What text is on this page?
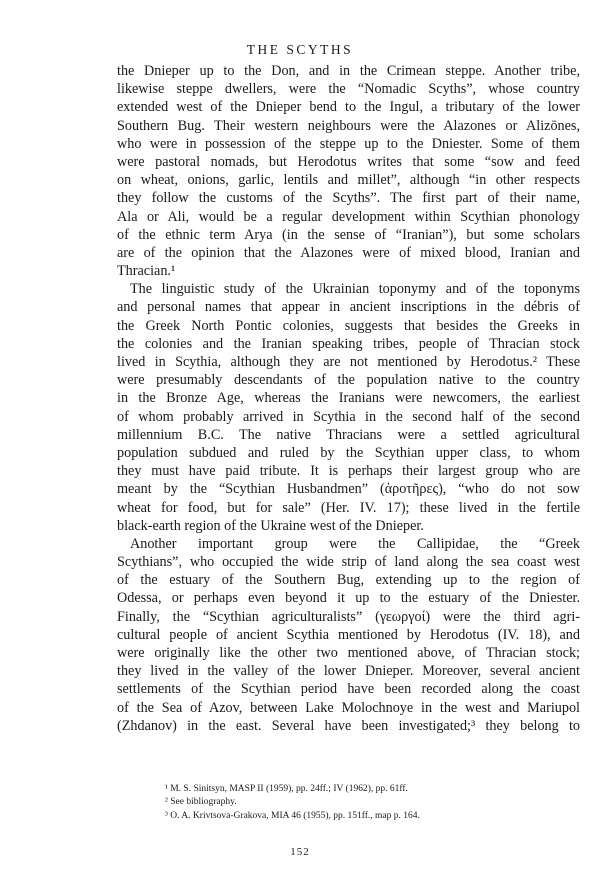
THE SCYTHS
the Dnieper up to the Don, and in the Crimean steppe. Another tribe,
likewise steppe dwellers, were the “Nomadic Scyths”, whose country
extended west of the Dnieper bend to the Ingul, a tributary of the lower
Southern Bug. Their western neighbours were the Alazones or Alizōnes,
who were in possession of the steppe up to the Dniester. Some of them
were pastoral nomads, but Herodotus writes that some “sow and feed
on wheat, onions, garlic, lentils and millet”, although “in other respects
they follow the customs of the Scyths”. The first part of their name,
Ala or Ali, would be a regular development within Scythian phonology
of the ethnic term Arya (in the sense of “Iranian”), but some scholars
are of the opinion that the Alazones were of mixed blood, Iranian and
Thracian.¹
The linguistic study of the Ukrainian toponymy and of the toponyms
and personal names that appear in ancient inscriptions in the débris of
the Greek North Pontic colonies, suggests that besides the Greeks in
the colonies and the Iranian speaking tribes, people of Thracian stock
lived in Scythia, although they are not mentioned by Herodotus.² These
were presumably descendants of the population native to the country
in the Bronze Age, whereas the Iranians were newcomers, the earliest
of whom probably arrived in Scythia in the second half of the second
millennium B.C. The native Thracians were a settled agricultural
population subdued and ruled by the Scythian upper class, to whom
they must have paid tribute. It is perhaps their largest group who are
meant by the “Scythian Husbandmen” (ἀροτῆρες), “who do not sow
wheat for food, but for sale” (Her. IV. 17); these lived in the fertile
black-earth region of the Ukraine west of the Dnieper.
Another important group were the Callipidae, the “Greek
Scythians”, who occupied the wide strip of land along the sea coast west
of the estuary of the Southern Bug, extending up to the region of
Odessa, or perhaps even beyond it up to the estuary of the Dniester.
Finally, the “Scythian agriculturalists” (γεωργοί) were the third agri-
cultural people of ancient Scythia mentioned by Herodotus (IV. 18), and
were originally like the other two mentioned above, of Thracian stock;
they lived in the valley of the lower Dnieper. Moreover, several ancient
settlements of the Scythian period have been recorded along the coast
of the Sea of Azov, between Lake Molochnoye in the west and Mariupol
(Zhdanov) in the east. Several have been investigated;³ they belong to
¹ M. S. Sinitsyn, MASP II (1959), pp. 24ff.; IV (1962), pp. 61ff.
² See bibliography.
³ O. A. Krivtsova-Grakova, MIA 46 (1955), pp. 151ff., map p. 164.
152
